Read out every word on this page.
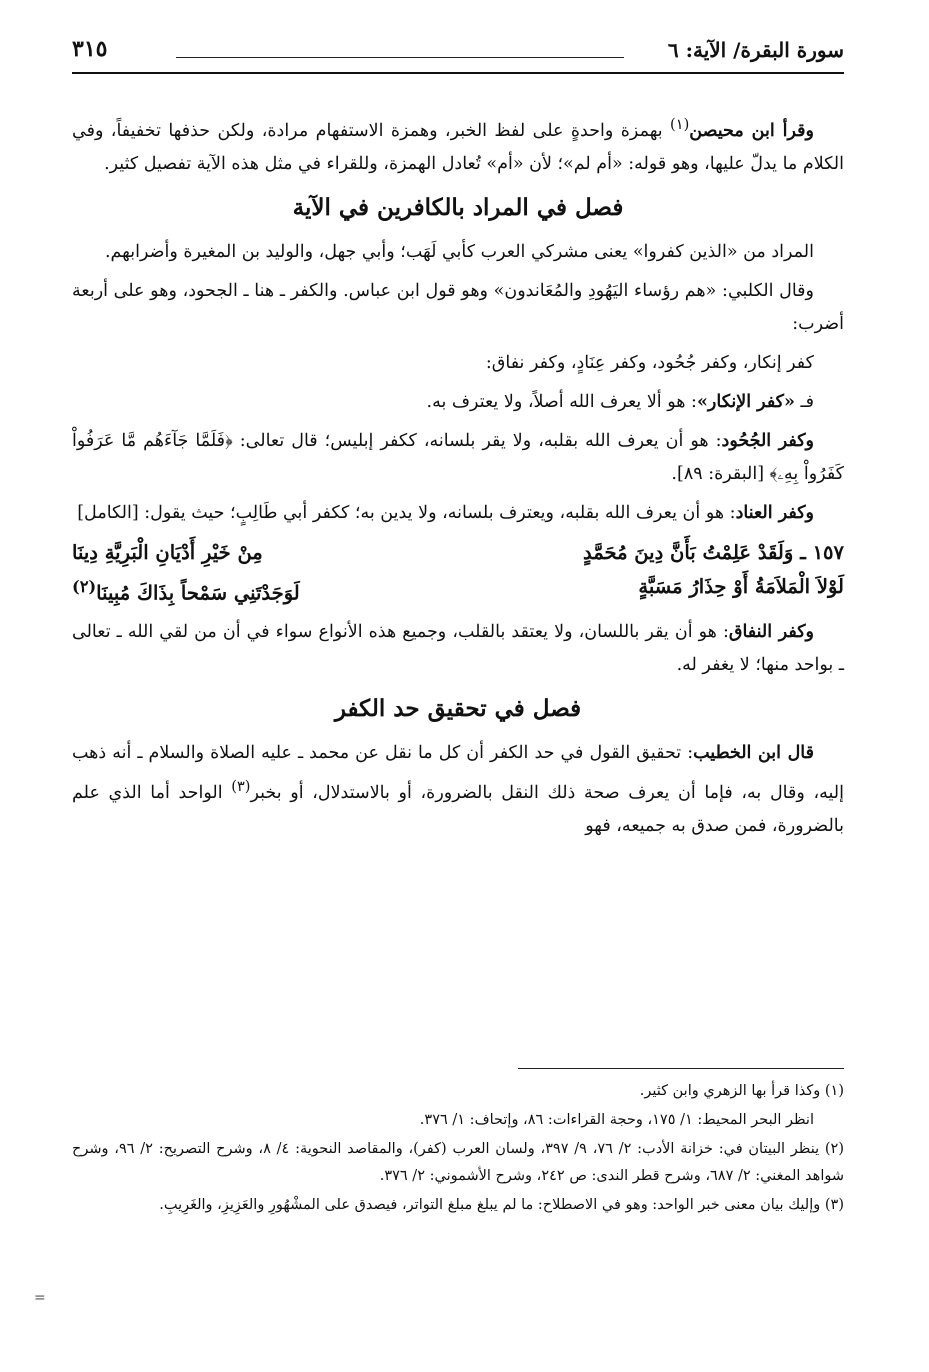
سورة البقرة/ الآية: ٦
٣١٥

وقرأ ابن محيصن$^{(١)}$ بهمزة واحدةٍ على لفظ الخبر، وهمزة الاستفهام مرادة، ولكن حذفها تخفيفاً، وفي الكلام ما يدلّ عليها، وهو قوله: «أم لم»؛ لأن «أم» تُعادل الهمزة، وللقراء في مثل هذه الآية تفصيل كثير.

فصل في المراد بالكافرين في الآية

المراد من «الذين كفروا» يعنى مشركي العرب كأبي لَهَب؛ وأبي جهل، والوليد بن المغيرة وأضرابهم.

وقال الكلبي: «هم رؤساء اليَهُودِ والمُعَاندون» وهو قول ابن عباس. والكفر ـ هنا ـ الجحود، وهو على أربعة أضرب:

كفر إنكار، وكفر جُحُود، وكفر عِنَادٍ، وكفر نفاق:

فـ «كفر الإنكار»: هو ألا يعرف الله أصلاً، ولا يعترف به.

وكفر الجُحُود: هو أن يعرف الله بقلبه، ولا يقر بلسانه، ككفر إبليس؛ قال تعالى: ﴿فَلَمَّا جَآءَهُم مَّا عَرَفُواْ كَفَرُواْ بِهِۦ﴾ [البقرة: ٨٩].

وكفر العناد: هو أن يعرف الله بقلبه، ويعترف بلسانه، ولا يدين به؛ ككفر أبي طَالِبٍ؛ حيث يقول: [الكامل]

١٥٧ ـ وَلَقَدْ عَلِمْتُ بَأَنَّ دِينَ مُحَمَّدٍ
مِنْ خَيْرِ أَدْيَانِ الْبَرِيَّةِ دِينَا
لَوْلاَ الْمَلاَمَةُ أَوْ حِذَارُ مَسَبَّةٍ
لَوَجَدْتَنِي سَمْحاً بِذَاكَ مُبِينَا$^{(٢)}$

وكفر النفاق: هو أن يقر باللسان، ولا يعتقد بالقلب، وجميع هذه الأنواع سواء في أن من لقي الله ـ تعالى ـ بواحد منها؛ لا يغفر له.

فصل في تحقيق حد الكفر

قال ابن الخطيب: تحقيق القول في حد الكفر أن كل ما نقل عن محمد ـ عليه الصلاة والسلام ـ أنه ذهب إليه، وقال به، فإما أن يعرف صحة ذلك النقل بالضرورة، أو بالاستدلال، أو بخبر$^{(٣)}$ الواحد أما الذي علم بالضرورة، فمن صدق به جميعه، فهو

(١) وكذا قرأ بها الزهري وابن كثير.

انظر البحر المحيط: ١/ ١٧٥، وحجة القراءات: ٨٦، وإتحاف: ١/ ٣٧٦.

(٢) ينظر البيتان في: خزانة الأدب: ٢/ ٧٦، ٩/ ٣٩٧، ولسان العرب (كفر)، والمقاصد النحوية: ٤/ ٨، وشرح التصريح: ٢/ ٩٦، وشرح شواهد المغني: ٢/ ٦٨٧، وشرح قطر الندى: ص ٢٤٢، وشرح الأشموني: ٢/ ٣٧٦.

(٣) وإليك بيان معنى خبر الواحد: وهو في الاصطلاح: ما لم يبلغ مبلغ التواتر، فيصدق على المشْهُورِ والعَزِيزِ، والغَرِيبِ.

=
